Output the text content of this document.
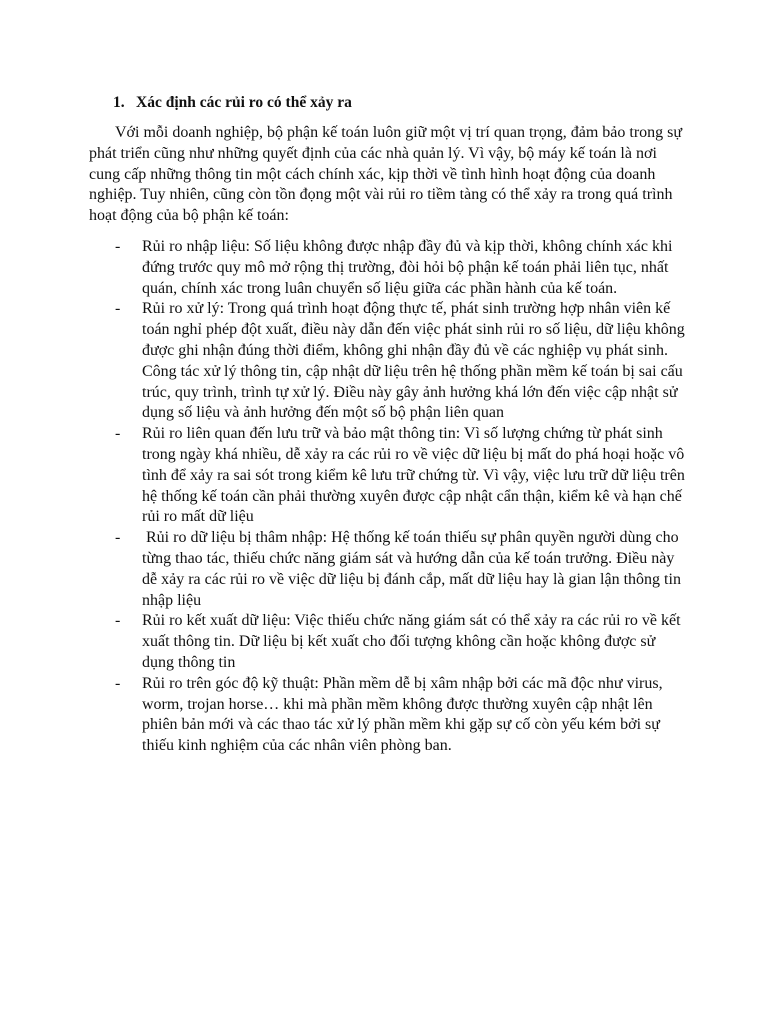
1. Xác định các rủi ro có thể xảy ra

Với mỗi doanh nghiệp, bộ phận kế toán luôn giữ một vị trí quan trọng, đảm bảo trong sự phát triển cũng như những quyết định của các nhà quản lý. Vì vậy, bộ máy kế toán là nơi cung cấp những thông tin một cách chính xác, kịp thời về tình hình hoạt động của doanh nghiệp. Tuy nhiên, cũng còn tồn đọng một vài rủi ro tiềm tàng có thể xảy ra trong quá trình hoạt động của bộ phận kế toán:

- Rủi ro nhập liệu: Số liệu không được nhập đầy đủ và kịp thời, không chính xác khi đứng trước quy mô mở rộng thị trường, đòi hỏi bộ phận kế toán phải liên tục, nhất quán, chính xác trong luân chuyển số liệu giữa các phần hành của kế toán.
- Rủi ro xử lý: Trong quá trình hoạt động thực tế, phát sinh trường hợp nhân viên kế toán nghỉ phép đột xuất, điều này dẫn đến việc phát sinh rủi ro số liệu, dữ liệu không được ghi nhận đúng thời điểm, không ghi nhận đầy đủ về các nghiệp vụ phát sinh. Công tác xử lý thông tin, cập nhật dữ liệu trên hệ thống phần mềm kế toán bị sai cấu trúc, quy trình, trình tự xử lý. Điều này gây ảnh hưởng khá lớn đến việc cập nhật sử dụng số liệu và ảnh hưởng đến một số bộ phận liên quan
- Rủi ro liên quan đến lưu trữ và bảo mật thông tin: Vì số lượng chứng từ phát sinh trong ngày khá nhiều, dễ xảy ra các rủi ro về việc dữ liệu bị mất do phá hoại hoặc vô tình để xảy ra sai sót trong kiểm kê lưu trữ chứng từ. Vì vậy, việc lưu trữ dữ liệu trên hệ thống kế toán cần phải thường xuyên được cập nhật cẩn thận, kiểm kê và hạn chế rủi ro mất dữ liệu
- Rủi ro dữ liệu bị thâm nhập: Hệ thống kế toán thiếu sự phân quyền người dùng cho từng thao tác, thiếu chức năng giám sát và hướng dẫn của kế toán trưởng. Điều này dễ xảy ra các rủi ro về việc dữ liệu bị đánh cắp, mất dữ liệu hay là gian lận thông tin nhập liệu
- Rủi ro kết xuất dữ liệu: Việc thiếu chức năng giám sát có thể xảy ra các rủi ro về kết xuất thông tin. Dữ liệu bị kết xuất cho đối tượng không cần hoặc không được sử dụng thông tin
- Rủi ro trên góc độ kỹ thuật: Phần mềm dễ bị xâm nhập bởi các mã độc như virus, worm, trojan horse… khi mà phần mềm không được thường xuyên cập nhật lên phiên bản mới và các thao tác xử lý phần mềm khi gặp sự cố còn yếu kém bởi sự thiếu kinh nghiệm của các nhân viên phòng ban.
